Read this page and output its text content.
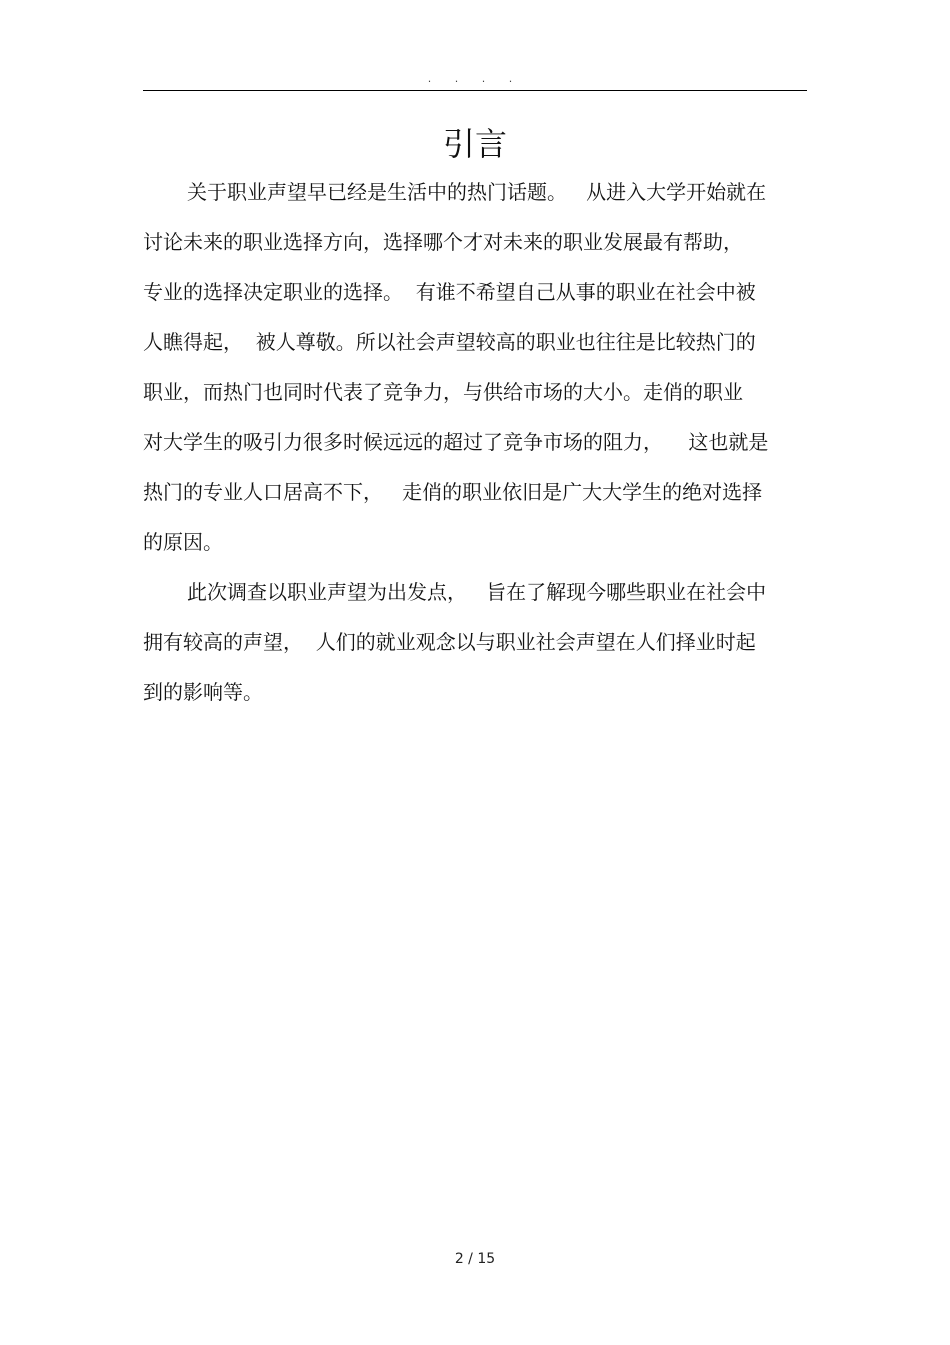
. . . .
引言
关于职业声望早已经是生活中的热门话题。   从进入大学开始就在
讨论未来的职业选择方向，选择哪个才对未来的职业发展最有帮助，
专业的选择决定职业的选择。  有谁不希望自己从事的职业在社会中被
人瞧得起，  被人尊敬。所以社会声望较高的职业也往往是比较热门的
职业，而热门也同时代表了竞争力，与供给市场的大小。走俏的职业
对大学生的吸引力很多时候远远的超过了竞争市场的阻力，    这也就是
热门的专业人口居高不下，   走俏的职业依旧是广大大学生的绝对选择
的原因。
此次调查以职业声望为出发点，   旨在了解现今哪些职业在社会中
拥有较高的声望，  人们的就业观念以与职业社会声望在人们择业时起
到的影响等。
2 / 15
